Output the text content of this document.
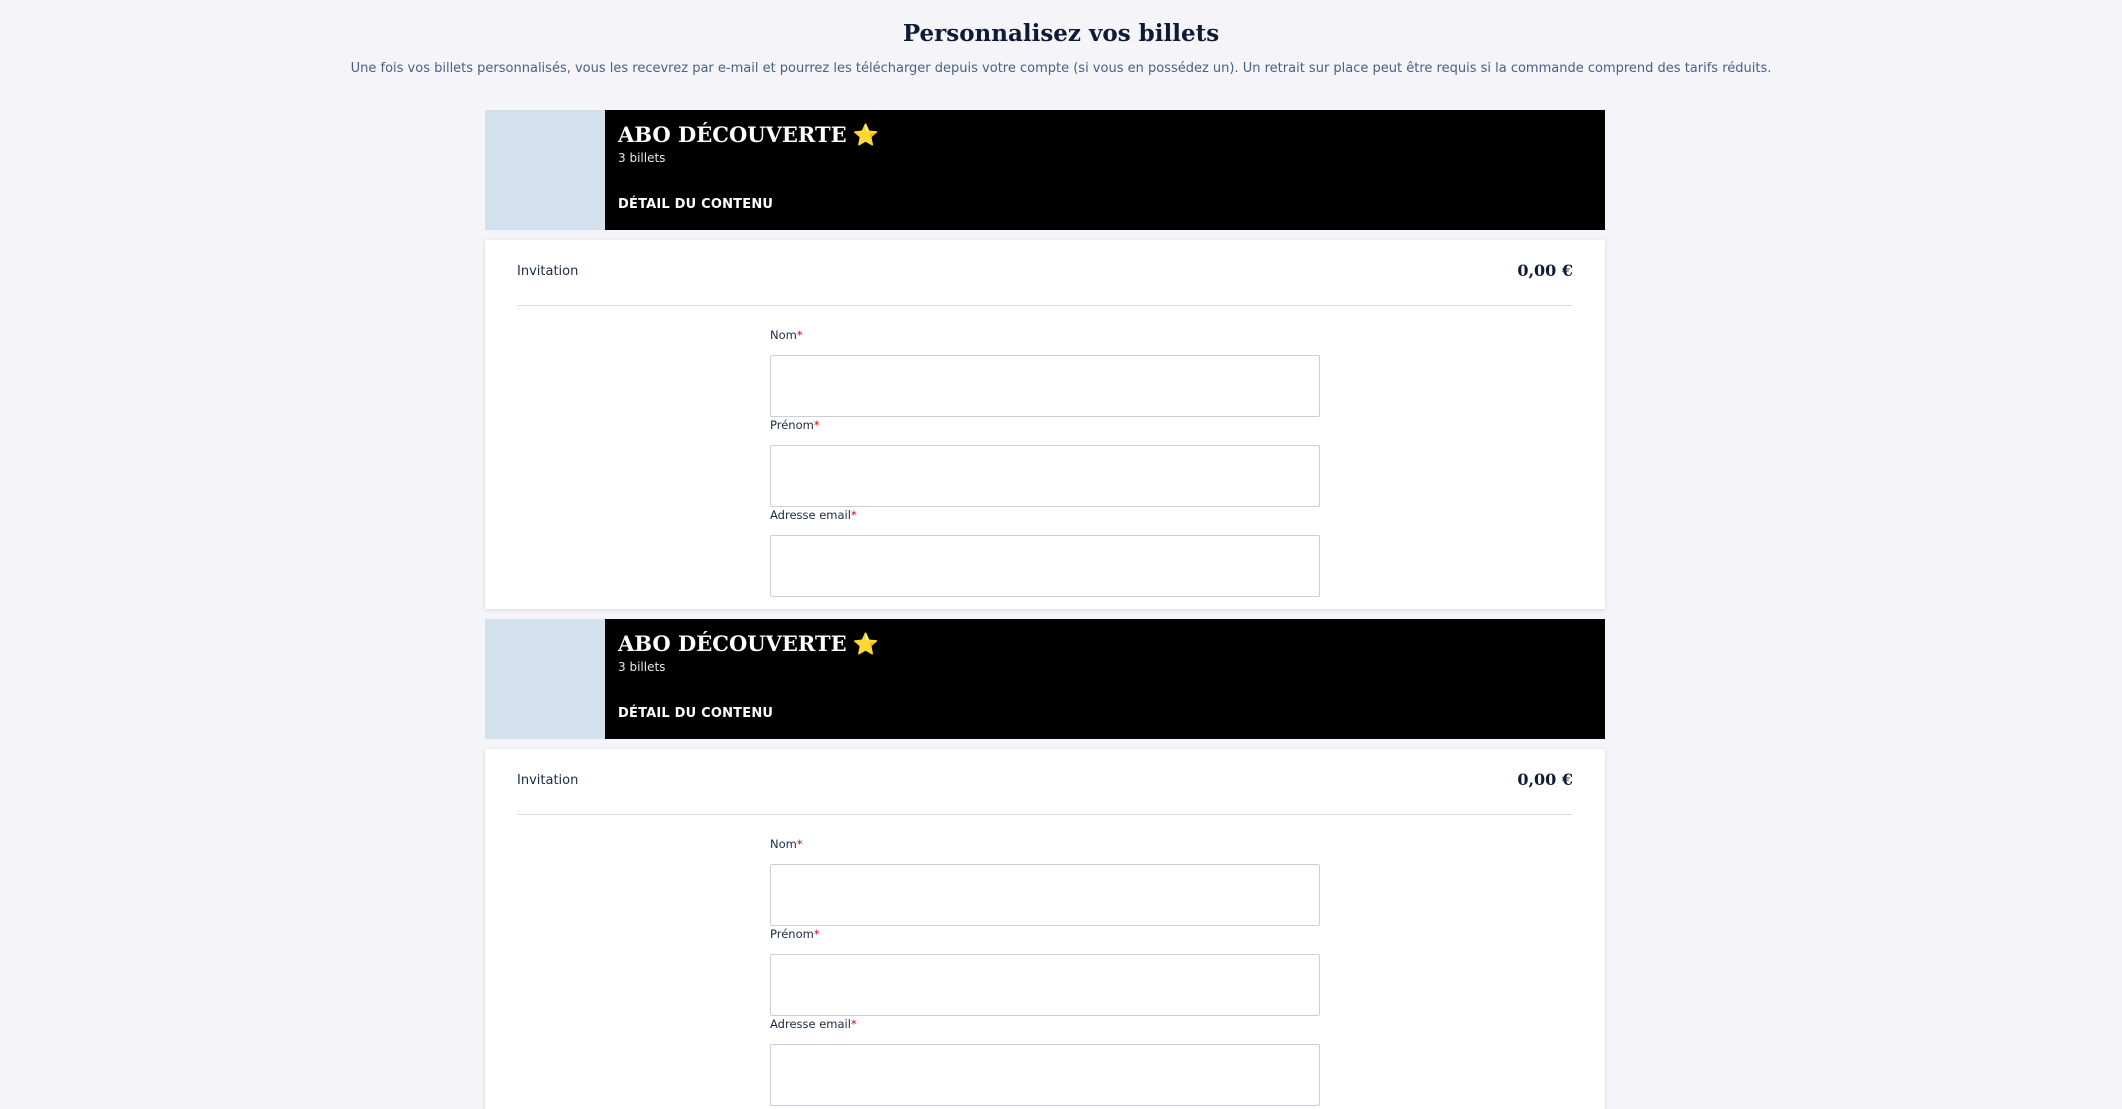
Personnalisez vos billets

Une fois vos billets personnalisés, vous les recevrez par e-mail et pourrez les télécharger depuis votre compte (si vous en possédez un). Un retrait sur place peut être requis si la commande comprend des tarifs réduits.

ABO DÉCOUVERTE ⭐
3 billets
DÉTAIL DU CONTENU
Invitation	0,00 €
Nom*
Prénom*
Adresse email*
ABO DÉCOUVERTE ⭐
3 billets
DÉTAIL DU CONTENU
Invitation	0,00 €
Nom*
Prénom*
Adresse email*
